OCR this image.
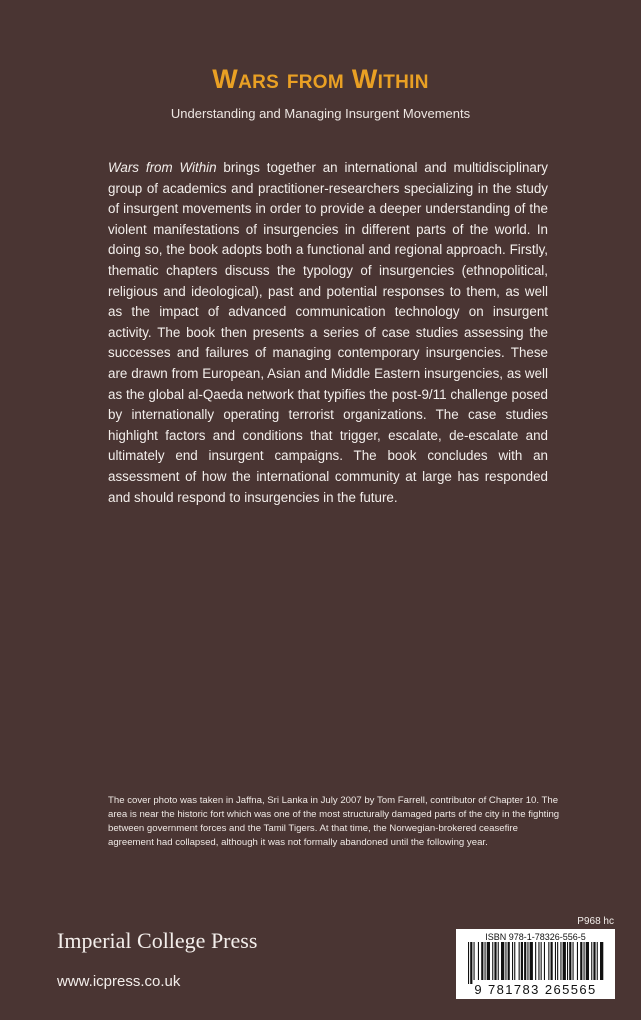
Wars from Within

Understanding and Managing Insurgent Movements

Wars from Within brings together an international and multidisciplinary group of academics and practitioner-researchers specializing in the study of insurgent movements in order to provide a deeper understanding of the violent manifestations of insurgencies in different parts of the world. In doing so, the book adopts both a functional and regional approach. Firstly, thematic chapters discuss the typology of insurgencies (ethnopolitical, religious and ideological), past and potential responses to them, as well as the impact of advanced communication technology on insurgent activity. The book then presents a series of case studies assessing the successes and failures of managing contemporary insurgencies. These are drawn from European, Asian and Middle Eastern insurgencies, as well as the global al-Qaeda network that typifies the post-9/11 challenge posed by internationally operating terrorist organizations. The case studies highlight factors and conditions that trigger, escalate, de-escalate and ultimately end insurgent campaigns. The book concludes with an assessment of how the international community at large has responded and should respond to insurgencies in the future.

The cover photo was taken in Jaffna, Sri Lanka in July 2007 by Tom Farrell, contributor of Chapter 10. The area is near the historic fort which was one of the most structurally damaged parts of the city in the fighting between government forces and the Tamil Tigers. At that time, the Norwegian-brokered ceasefire agreement had collapsed, although it was not formally abandoned until the following year.

P968 hc
Imperial College Press
www.icpress.co.uk
ISBN 978-1-78326-556-5
9 781783 265565
